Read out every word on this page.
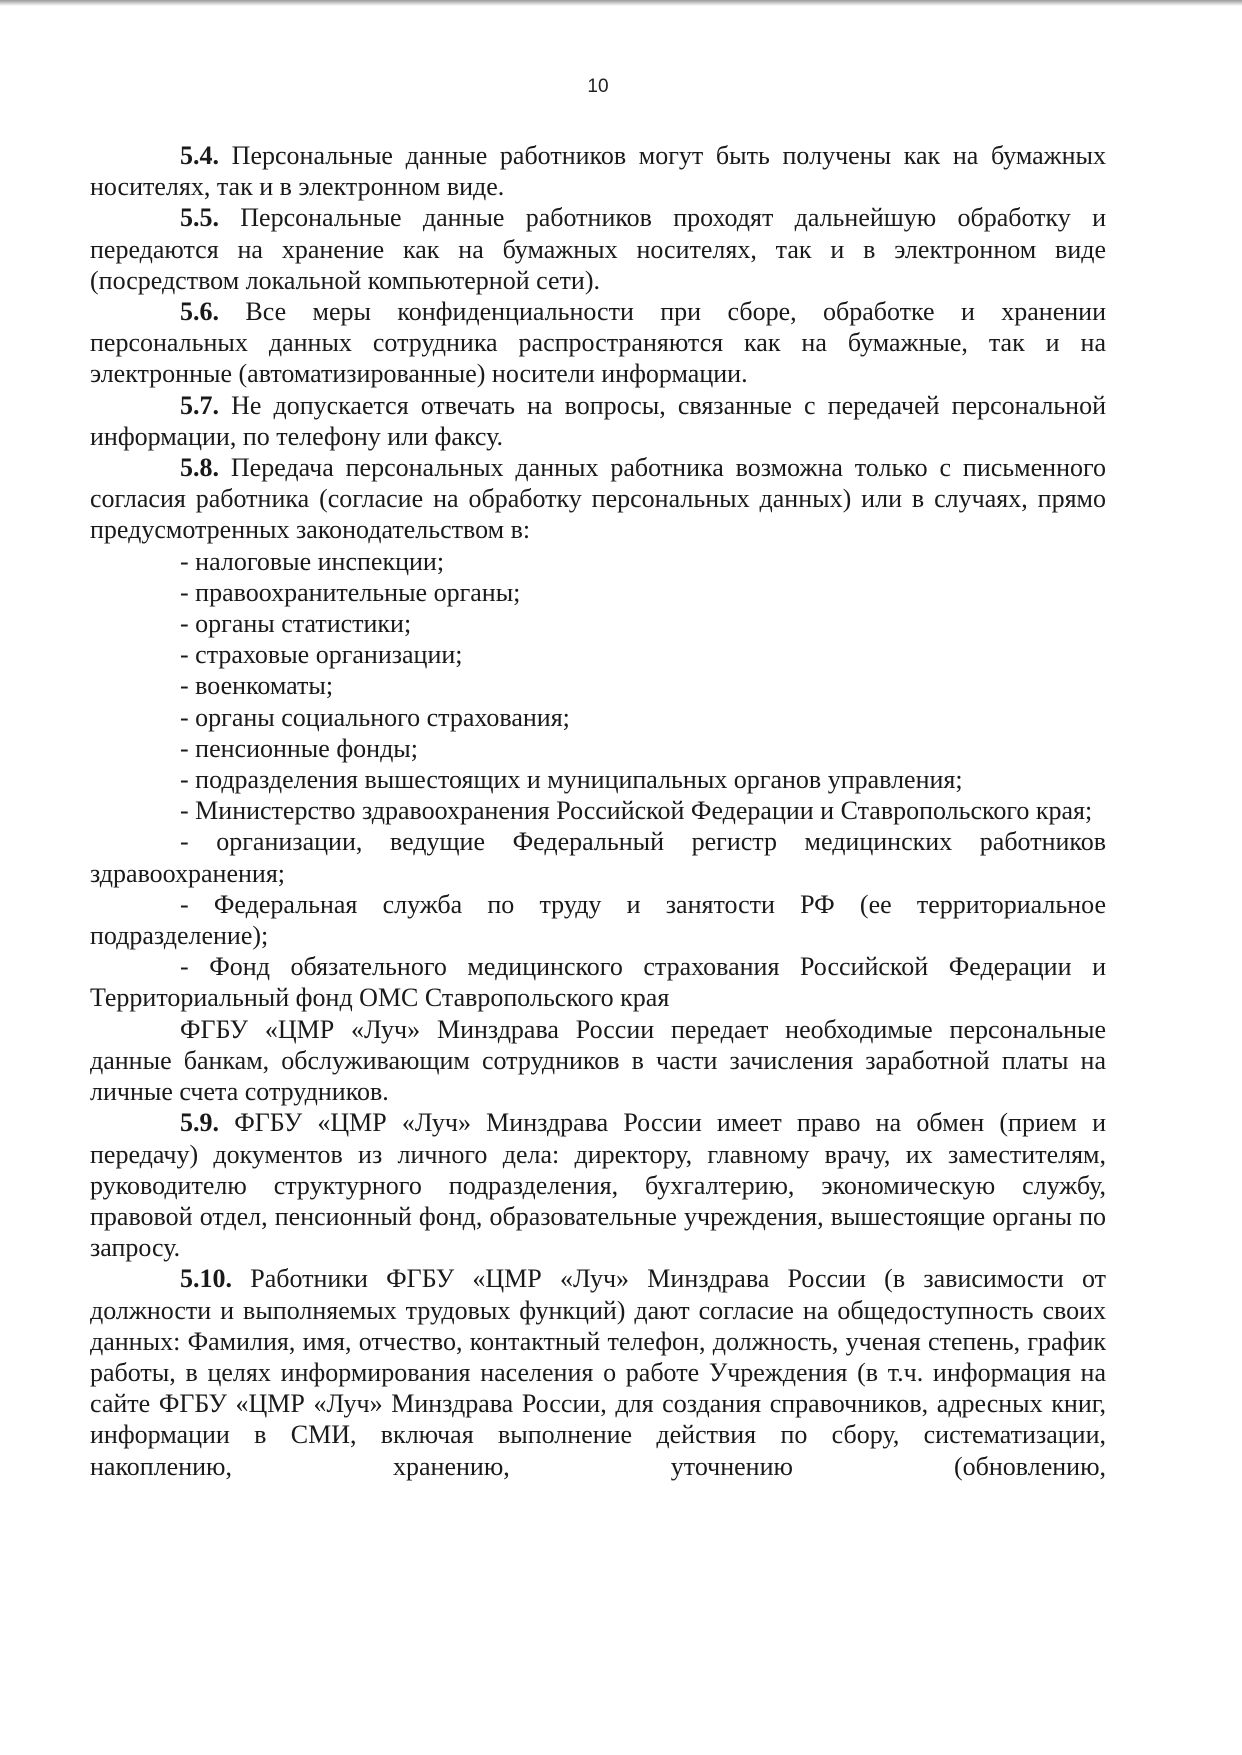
10

5.4. Персональные данные работников могут быть получены как на бумажных носителях, так и в электронном виде.

5.5. Персональные данные работников проходят дальнейшую обработку и передаются на хранение как на бумажных носителях, так и в электронном виде (посредством локальной компьютерной сети).

5.6. Все меры конфиденциальности при сборе, обработке и хранении персональных данных сотрудника распространяются как на бумажные, так и на электронные (автоматизированные) носители информации.

5.7. Не допускается отвечать на вопросы, связанные с передачей персональной информации, по телефону или факсу.

5.8. Передача персональных данных работника возможна только с письменного согласия работника (согласие на обработку персональных данных) или в случаях, прямо предусмотренных законодательством в:

- налоговые инспекции;

- правоохранительные органы;

- органы статистики;

- страховые организации;

- военкоматы;

- органы социального страхования;

- пенсионные фонды;

- подразделения вышестоящих и муниципальных органов управления;

- Министерство здравоохранения Российской Федерации и Ставропольского края;

- организации, ведущие Федеральный регистр медицинских работников здравоохранения;

- Федеральная служба по труду и занятости РФ (ее территориальное подразделение);

- Фонд обязательного медицинского страхования Российской Федерации и Территориальный фонд ОМС Ставропольского края

ФГБУ «ЦМР «Луч» Минздрава России передает необходимые персональные данные банкам, обслуживающим сотрудников в части зачисления заработной платы на личные счета сотрудников.

5.9. ФГБУ «ЦМР «Луч» Минздрава России имеет право на обмен (прием и передачу) документов из личного дела: директору, главному врачу, их заместителям, руководителю структурного подразделения, бухгалтерию, экономическую службу, правовой отдел, пенсионный фонд, образовательные учреждения, вышестоящие органы по запросу.

5.10. Работники ФГБУ «ЦМР «Луч» Минздрава России (в зависимости от должности и выполняемых трудовых функций) дают согласие на общедоступность своих данных: Фамилия, имя, отчество, контактный телефон, должность, ученая степень, график работы, в целях информирования населения о работе Учреждения (в т.ч. информация на сайте ФГБУ «ЦМР «Луч» Минздрава России, для создания справочников, адресных книг, информации в СМИ, включая выполнение действия по сбору, систематизации, накоплению, хранению, уточнению (обновлению,
